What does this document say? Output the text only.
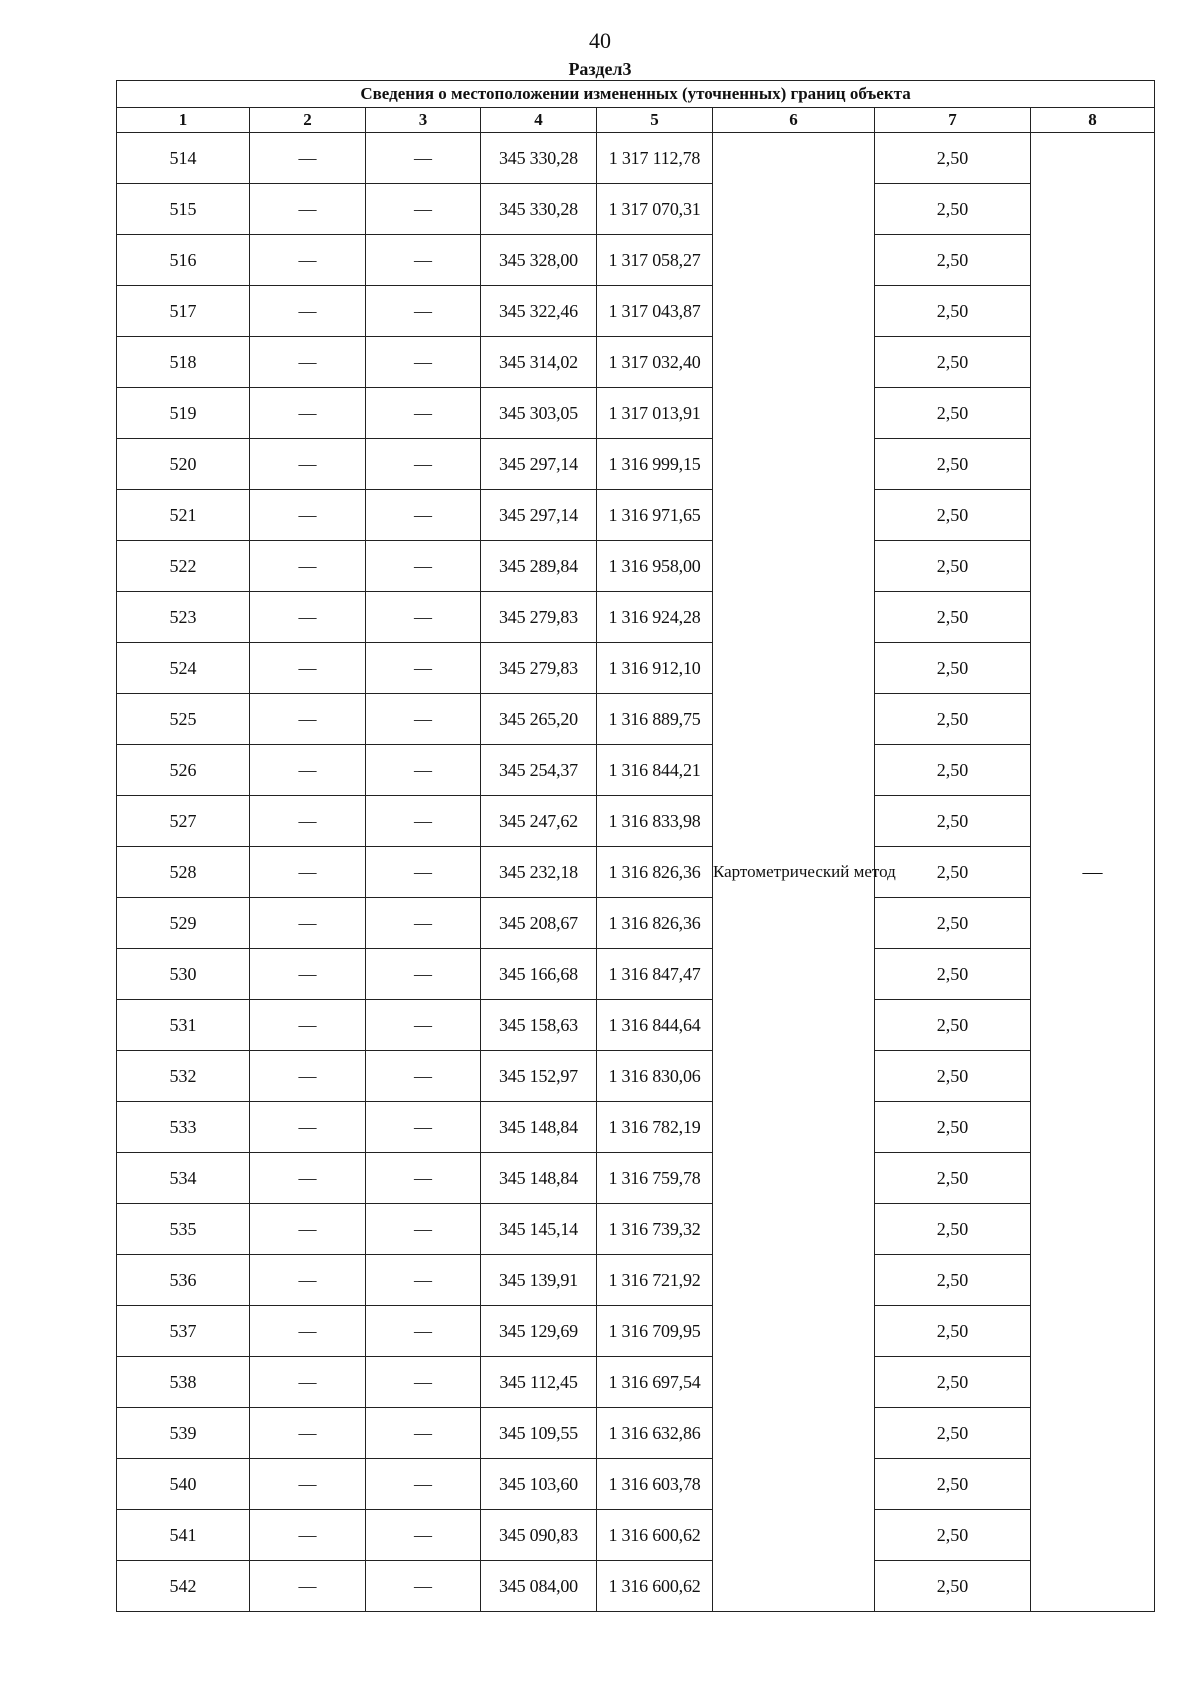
40
Раздел3
Сведения о местоположении измененных (уточненных) границ объекта							
1	2	3	4	5	6	7	8
514	—	—	345 330,28	1 317 112,78	Картометрический метод	2,50	—
515	—	—	345 330,28	1 317 070,31		2,50	
516	—	—	345 328,00	1 317 058,27		2,50	
517	—	—	345 322,46	1 317 043,87		2,50	
518	—	—	345 314,02	1 317 032,40		2,50	
519	—	—	345 303,05	1 317 013,91		2,50	
520	—	—	345 297,14	1 316 999,15		2,50	
521	—	—	345 297,14	1 316 971,65		2,50	
522	—	—	345 289,84	1 316 958,00		2,50	
523	—	—	345 279,83	1 316 924,28		2,50	
524	—	—	345 279,83	1 316 912,10		2,50	
525	—	—	345 265,20	1 316 889,75		2,50	
526	—	—	345 254,37	1 316 844,21		2,50	
527	—	—	345 247,62	1 316 833,98		2,50	
528	—	—	345 232,18	1 316 826,36		2,50	
529	—	—	345 208,67	1 316 826,36		2,50	
530	—	—	345 166,68	1 316 847,47		2,50	
531	—	—	345 158,63	1 316 844,64		2,50	
532	—	—	345 152,97	1 316 830,06		2,50	
533	—	—	345 148,84	1 316 782,19		2,50	
534	—	—	345 148,84	1 316 759,78		2,50	
535	—	—	345 145,14	1 316 739,32		2,50	
536	—	—	345 139,91	1 316 721,92		2,50	
537	—	—	345 129,69	1 316 709,95		2,50	
538	—	—	345 112,45	1 316 697,54		2,50	
539	—	—	345 109,55	1 316 632,86		2,50	
540	—	—	345 103,60	1 316 603,78		2,50	
541	—	—	345 090,83	1 316 600,62		2,50	
542	—	—	345 084,00	1 316 600,62		2,50	
